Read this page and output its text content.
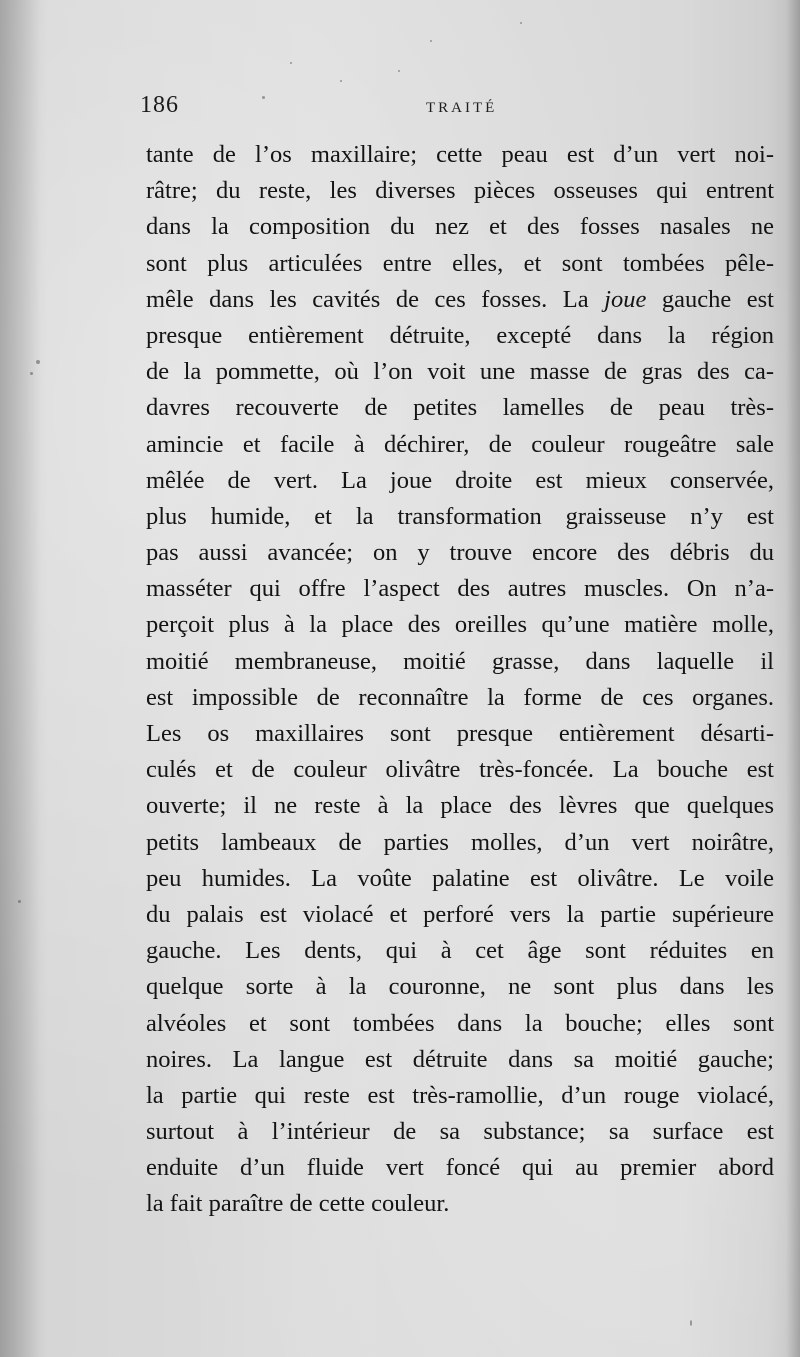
186	TRAITÉ
tante de l’os maxillaire; cette peau est d’un vert noi-
râtre; du reste, les diverses pièces osseuses qui entrent
dans la composition du nez et des fosses nasales ne
sont plus articulées entre elles, et sont tombées pêle-
mêle dans les cavités de ces fosses. La joue gauche est
presque entièrement détruite, excepté dans la région
de la pommette, où l’on voit une masse de gras des ca-
davres recouverte de petites lamelles de peau très-
amincie et facile à déchirer, de couleur rougeâtre sale
mêlée de vert. La joue droite est mieux conservée,
plus humide, et la transformation graisseuse n’y est
pas aussi avancée; on y trouve encore des débris du
masséter qui offre l’aspect des autres muscles. On n’a-
perçoit plus à la place des oreilles qu’une matière molle,
moitié membraneuse, moitié grasse, dans laquelle il
est impossible de reconnaître la forme de ces organes.
Les os maxillaires sont presque entièrement désarti-
culés et de couleur olivâtre très-foncée. La bouche est
ouverte; il ne reste à la place des lèvres que quelques
petits lambeaux de parties molles, d’un vert noirâtre,
peu humides. La voûte palatine est olivâtre. Le voile
du palais est violacé et perforé vers la partie supérieure
gauche. Les dents, qui à cet âge sont réduites en
quelque sorte à la couronne, ne sont plus dans les
alvéoles et sont tombées dans la bouche; elles sont
noires. La langue est détruite dans sa moitié gauche;
la partie qui reste est très-ramollie, d’un rouge violacé,
surtout à l’intérieur de sa substance; sa surface est
enduite d’un fluide vert foncé qui au premier abord
la fait paraître de cette couleur.
